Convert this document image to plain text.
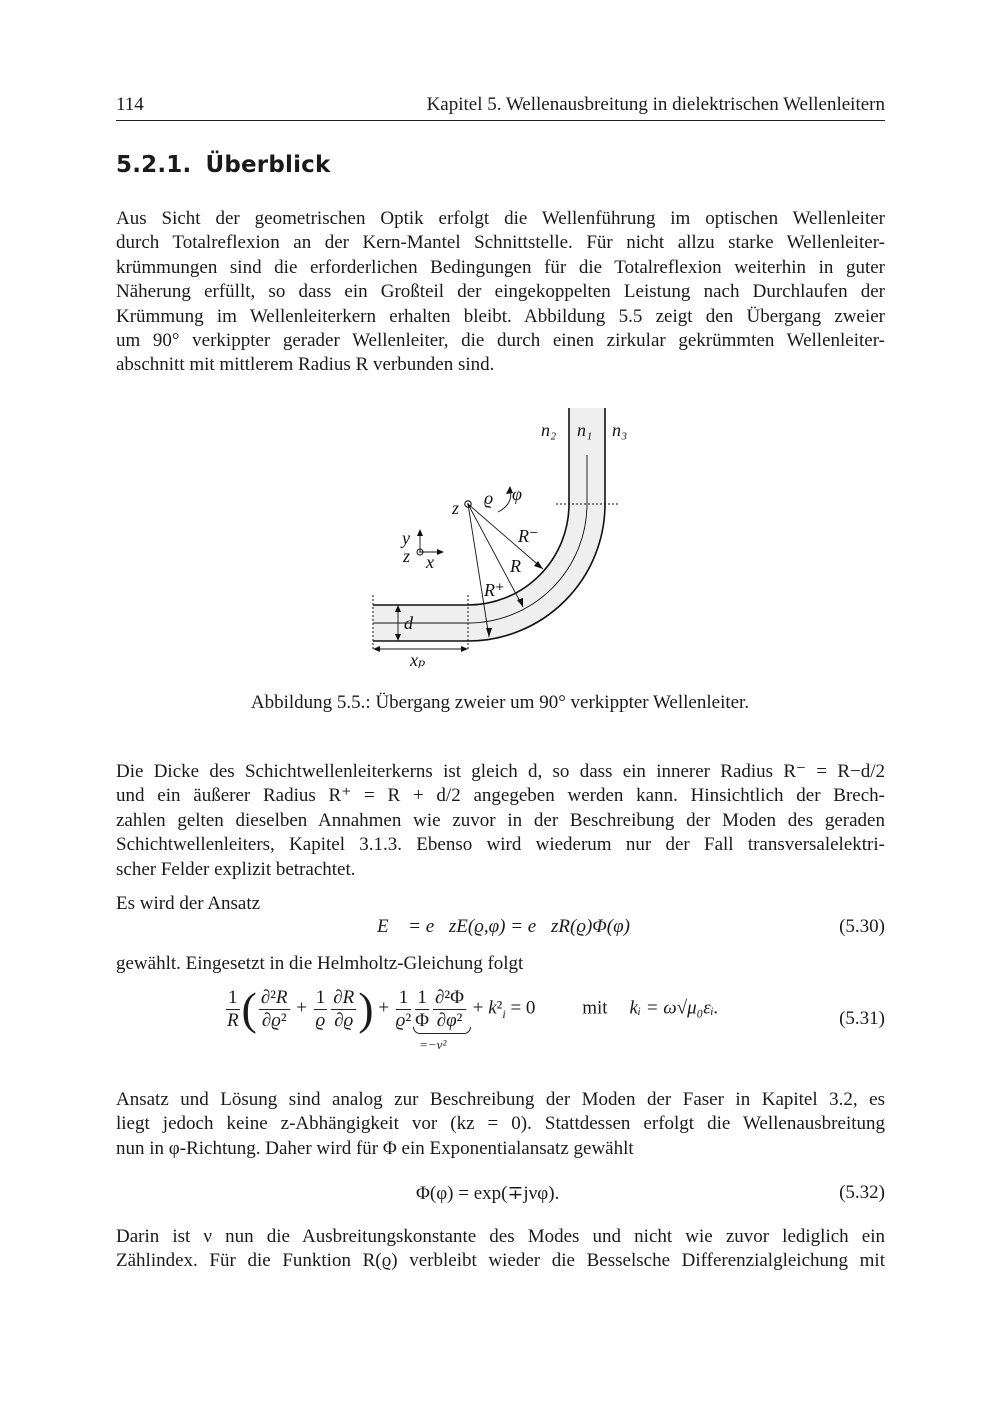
114	Kapitel 5. Wellenausbreitung in dielektrischen Wellenleitern
5.2.1. Überblick

Aus Sicht der geometrischen Optik erfolgt die Wellenführung im optischen Wellenleiter
durch Totalreflexion an der Kern-Mantel Schnittstelle. Für nicht allzu starke Wellenleiter-
krümmungen sind die erforderlichen Bedingungen für die Totalreflexion weiterhin in guter
Näherung erfüllt, so dass ein Großteil der eingekoppelten Leistung nach Durchlaufen der
Krümmung im Wellenleiterkern erhalten bleibt. Abbildung 5.5 zeigt den Übergang zweier
um 90° verkippter gerader Wellenleiter, die durch einen zirkular gekrümmten Wellenleiter-
abschnitt mit mittlerem Radius R verbunden sind.

n₂ n₁ n₃
z ϱ φ
R⁻
R
R⁺
y
z x
d
xₚ
Abbildung 5.5.: Übergang zweier um 90° verkippter Wellenleiter.

Die Dicke des Schichtwellenleiterkerns ist gleich d, so dass ein innerer Radius R⁻ = R−d/2
und ein äußerer Radius R⁺ = R + d/2 angegeben werden kann. Hinsichtlich der Brech-
zahlen gelten dieselben Annahmen wie zuvor in der Beschreibung der Moden des geraden
Schichtwellenleiters, Kapitel 3.1.3. Ebenso wird wiederum nur der Fall transversalelektri-
scher Felder explizit betrachtet.

Es wird der Ansatz
E⃗ = e⃗zE(ϱ,φ) = e⃗zR(ϱ)Φ(φ)	(5.30)
gewählt. Eingesetzt in die Helmholtz-Gleichung folgt
$\frac{1}{R}$ ( $\frac{\text{∂²R}}{\text{∂ϱ²}} + \frac{1}{ϱ} \frac{\partial R}{\partial ϱ}$ ) + $\frac{1}{\text{ϱ²}} \frac{1}{\Phi} \frac{\text{∂²Φ}}{\text{∂φ²}}$
=−ν²
+ $k^2_i = 0$ mit kᵢ = ω√μ₀εᵢ.
(5.31)

Ansatz und Lösung sind analog zur Beschreibung der Moden der Faser in Kapitel 3.2, es
liegt jedoch keine z-Abhängigkeit vor (kz = 0). Stattdessen erfolgt die Wellenausbreitung
nun in φ-Richtung. Daher wird für Φ ein Exponentialansatz gewählt

Φ(φ) = exp(∓jνφ).	(5.32)

Darin ist ν nun die Ausbreitungskonstante des Modes und nicht wie zuvor lediglich ein
Zählindex. Für die Funktion R(ϱ) verbleibt wieder die Besselsche Differenzialgleichung mit
